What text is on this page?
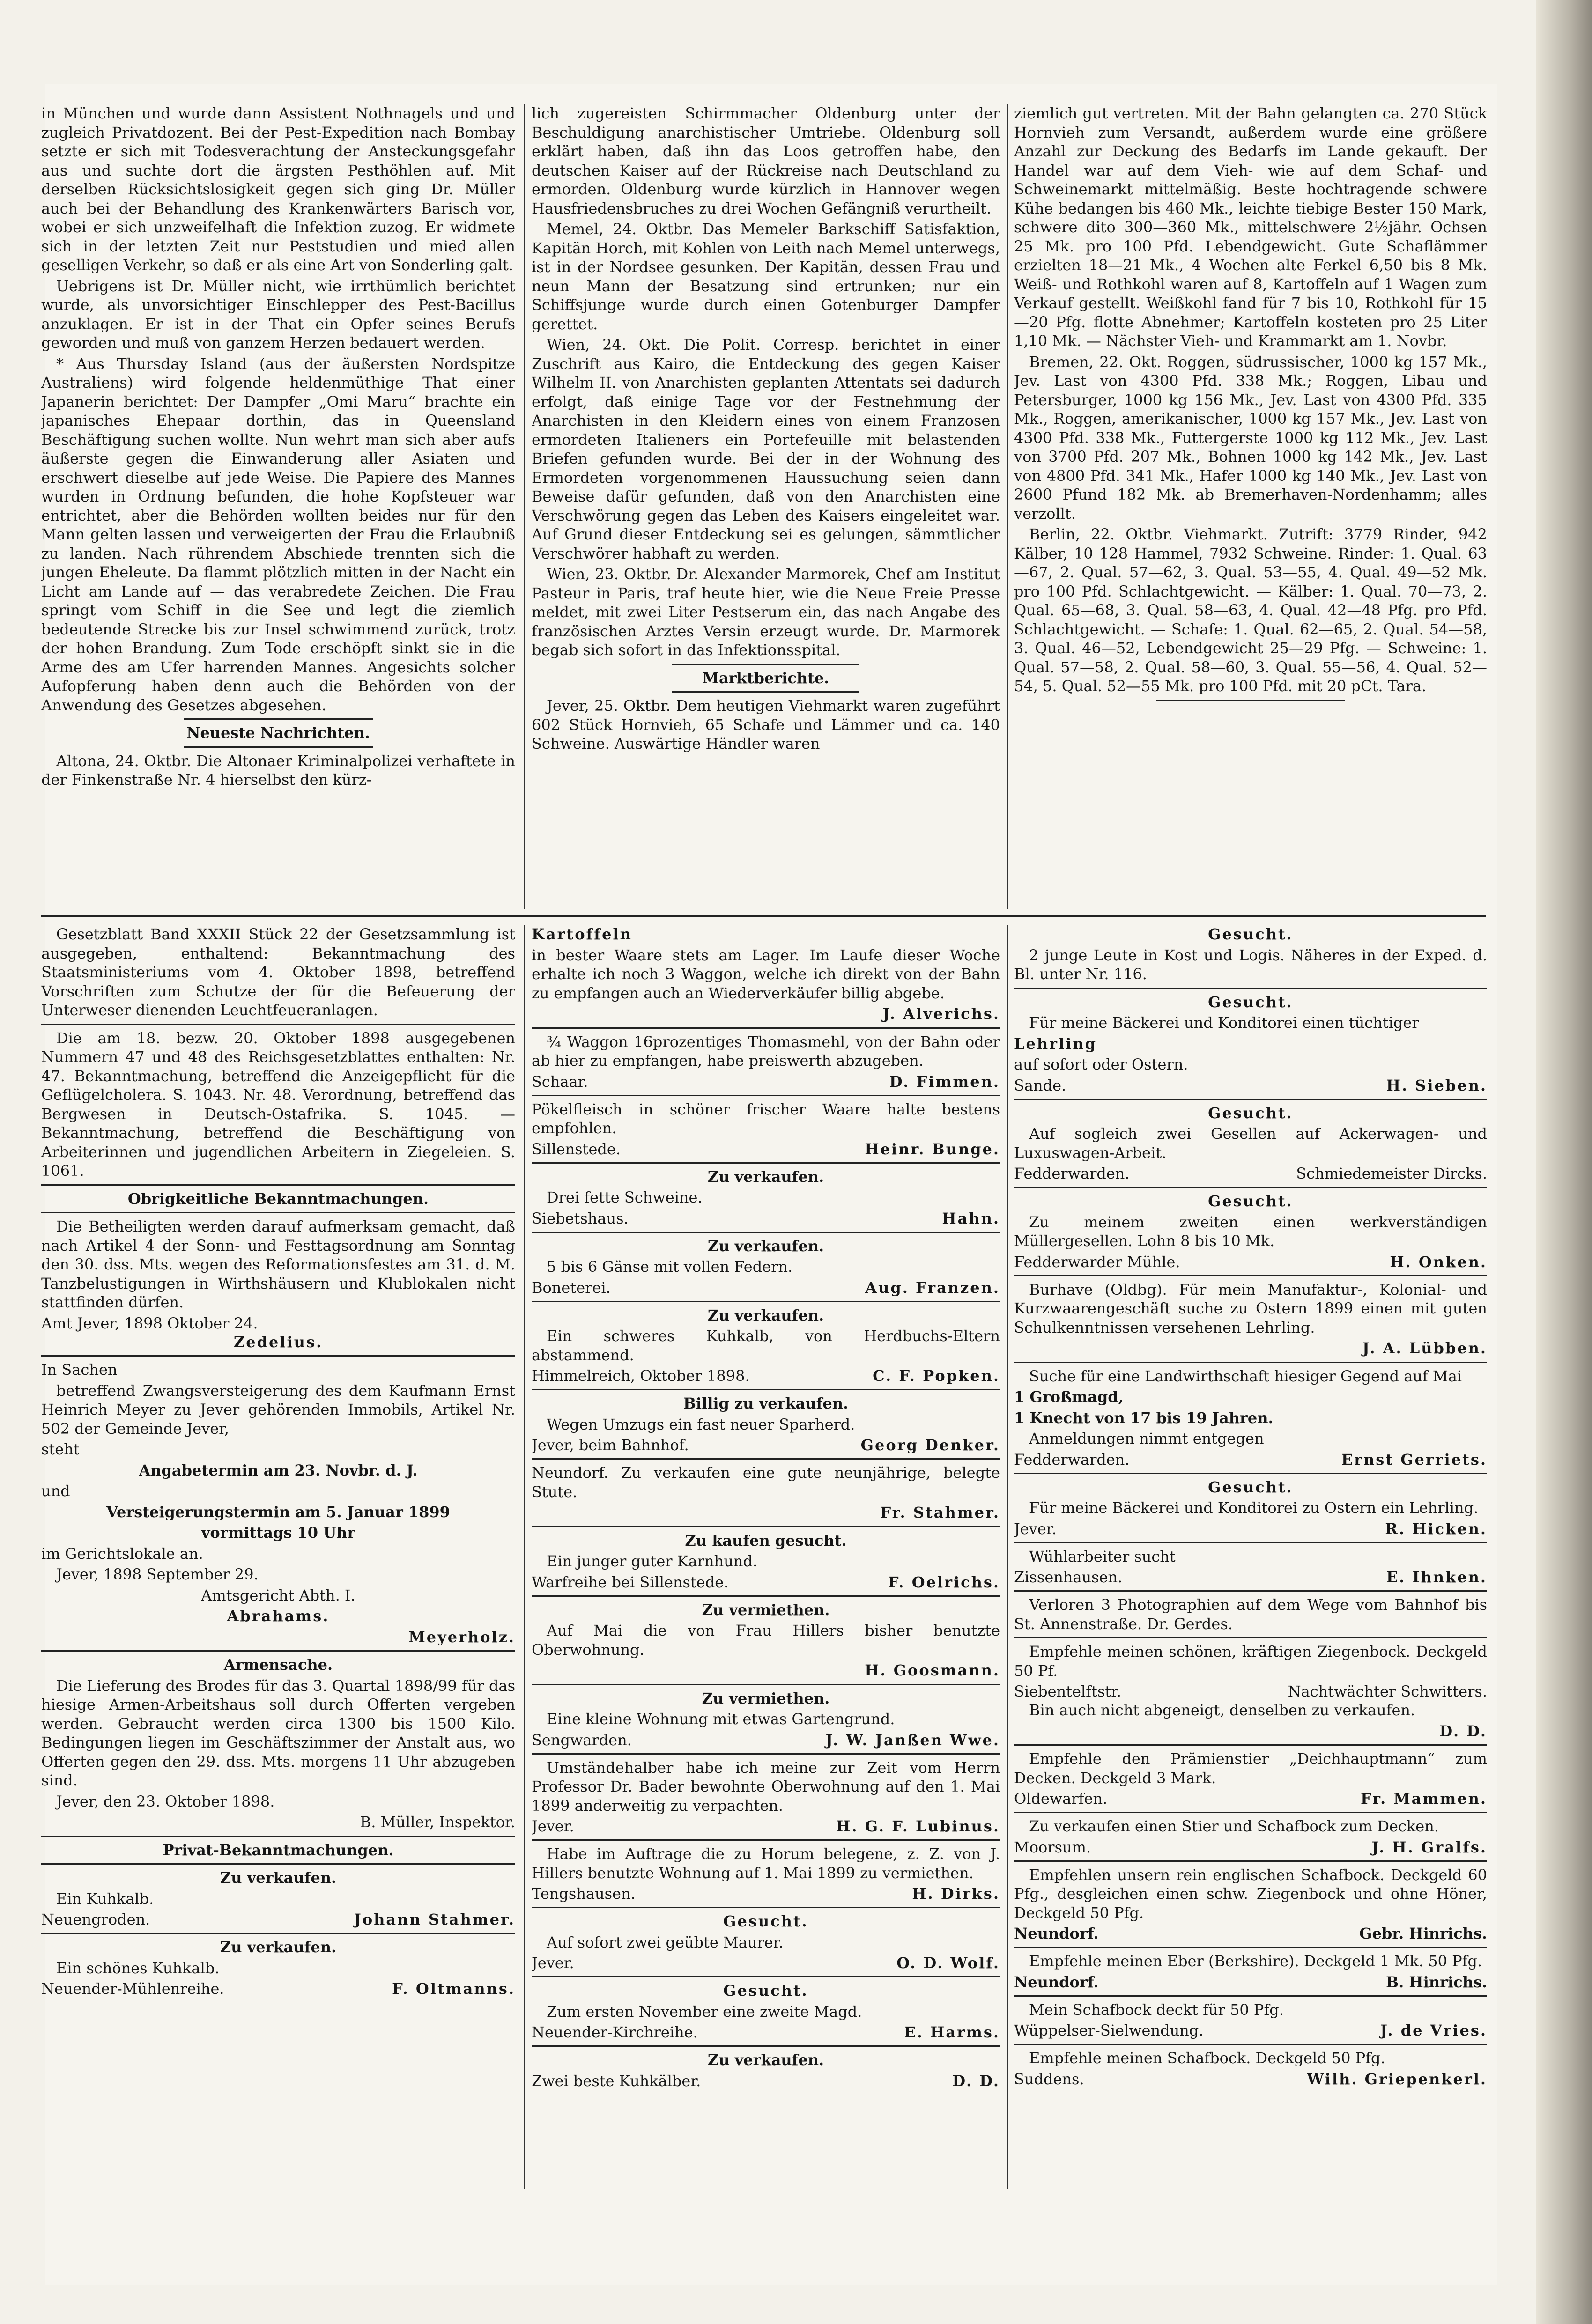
in München und wurde dann Assistent Nothnagels und und zugleich Privatdozent. Bei der Pest-Expedition nach Bombay setzte er sich mit Todesverachtung der Ansteckungsgefahr aus und suchte dort die ärgsten Pesthöhlen auf. Mit derselben Rücksichtslosigkeit gegen sich ging Dr. Müller auch bei der Behandlung des Krankenwärters Barisch vor, wobei er sich unzweifelhaft die Infektion zuzog. Er widmete sich in der letzten Zeit nur Peststudien und mied allen geselligen Verkehr, so daß er als eine Art von Sonderling galt.

Uebrigens ist Dr. Müller nicht, wie irrthümlich berichtet wurde, als unvorsichtiger Einschlepper des Pest-Bacillus anzuklagen. Er ist in der That ein Opfer seines Berufs geworden und muß von ganzem Herzen bedauert werden.

* Aus Thursday Island (aus der äußersten Nordspitze Australiens) wird folgende heldenmüthige That einer Japanerin berichtet: Der Dampfer „Omi Maru“ brachte ein japanisches Ehepaar dorthin, das in Queensland Beschäftigung suchen wollte. Nun wehrt man sich aber aufs äußerste gegen die Einwanderung aller Asiaten und erschwert dieselbe auf jede Weise. Die Papiere des Mannes wurden in Ordnung befunden, die hohe Kopfsteuer war entrichtet, aber die Behörden wollten beides nur für den Mann gelten lassen und verweigerten der Frau die Erlaubniß zu landen. Nach rührendem Abschiede trennten sich die jungen Eheleute. Da flammt plötzlich mitten in der Nacht ein Licht am Lande auf — das verabredete Zeichen. Die Frau springt vom Schiff in die See und legt die ziemlich bedeutende Strecke bis zur Insel schwimmend zurück, trotz der hohen Brandung. Zum Tode erschöpft sinkt sie in die Arme des am Ufer harrenden Mannes. Angesichts solcher Aufopferung haben denn auch die Behörden von der Anwendung des Gesetzes abgesehen.

Neueste Nachrichten.

Altona, 24. Oktbr. Die Altonaer Kriminalpolizei verhaftete in der Finkenstraße Nr. 4 hierselbst den kürz-

lich zugereisten Schirmmacher Oldenburg unter der Beschuldigung anarchistischer Umtriebe. Oldenburg soll erklärt haben, daß ihn das Loos getroffen habe, den deutschen Kaiser auf der Rückreise nach Deutschland zu ermorden. Oldenburg wurde kürzlich in Hannover wegen Hausfriedensbruches zu drei Wochen Gefängniß verurtheilt.

Memel, 24. Oktbr. Das Memeler Barkschiff Satisfaktion, Kapitän Horch, mit Kohlen von Leith nach Memel unterwegs, ist in der Nordsee gesunken. Der Kapitän, dessen Frau und neun Mann der Besatzung sind ertrunken; nur ein Schiffsjunge wurde durch einen Gotenburger Dampfer gerettet.

Wien, 24. Okt. Die Polit. Corresp. berichtet in einer Zuschrift aus Kairo, die Entdeckung des gegen Kaiser Wilhelm II. von Anarchisten geplanten Attentats sei dadurch erfolgt, daß einige Tage vor der Festnehmung der Anarchisten in den Kleidern eines von einem Franzosen ermordeten Italieners ein Portefeuille mit belastenden Briefen gefunden wurde. Bei der in der Wohnung des Ermordeten vorgenommenen Haussuchung seien dann Beweise dafür gefunden, daß von den Anarchisten eine Verschwörung gegen das Leben des Kaisers eingeleitet war. Auf Grund dieser Entdeckung sei es gelungen, sämmtlicher Verschwörer habhaft zu werden.

Wien, 23. Oktbr. Dr. Alexander Marmorek, Chef am Institut Pasteur in Paris, traf heute hier, wie die Neue Freie Presse meldet, mit zwei Liter Pestserum ein, das nach Angabe des französischen Arztes Versin erzeugt wurde. Dr. Marmorek begab sich sofort in das Infektionsspital.

Marktberichte.

Jever, 25. Oktbr. Dem heutigen Viehmarkt waren zugeführt 602 Stück Hornvieh, 65 Schafe und Lämmer und ca. 140 Schweine. Auswärtige Händler waren

ziemlich gut vertreten. Mit der Bahn gelangten ca. 270 Stück Hornvieh zum Versandt, außerdem wurde eine größere Anzahl zur Deckung des Bedarfs im Lande gekauft. Der Handel war auf dem Vieh- wie auf dem Schaf- und Schweinemarkt mittelmäßig. Beste hochtragende schwere Kühe bedangen bis 460 Mk., leichte tiebige Bester 150 Mark, schwere dito 300—360 Mk., mittelschwere 2½jähr. Ochsen 25 Mk. pro 100 Pfd. Lebendgewicht. Gute Schaflämmer erzielten 18—21 Mk., 4 Wochen alte Ferkel 6,50 bis 8 Mk. Weiß- und Rothkohl waren auf 8, Kartoffeln auf 1 Wagen zum Verkauf gestellt. Weißkohl fand für 7 bis 10, Rothkohl für 15—20 Pfg. flotte Abnehmer; Kartoffeln kosteten pro 25 Liter 1,10 Mk. — Nächster Vieh- und Krammarkt am 1. Novbr.

Bremen, 22. Okt. Roggen, südrussischer, 1000 kg 157 Mk., Jev. Last von 4300 Pfd. 338 Mk.; Roggen, Libau und Petersburger, 1000 kg 156 Mk., Jev. Last von 4300 Pfd. 335 Mk., Roggen, amerikanischer, 1000 kg 157 Mk., Jev. Last von 4300 Pfd. 338 Mk., Futtergerste 1000 kg 112 Mk., Jev. Last von 3700 Pfd. 207 Mk., Bohnen 1000 kg 142 Mk., Jev. Last von 4800 Pfd. 341 Mk., Hafer 1000 kg 140 Mk., Jev. Last von 2600 Pfund 182 Mk. ab Bremerhaven-Nordenhamm; alles verzollt.

Berlin, 22. Oktbr. Viehmarkt. Zutrift: 3779 Rinder, 942 Kälber, 10 128 Hammel, 7932 Schweine. Rinder: 1. Qual. 63—67, 2. Qual. 57—62, 3. Qual. 53—55, 4. Qual. 49—52 Mk. pro 100 Pfd. Schlachtgewicht. — Kälber: 1. Qual. 70—73, 2. Qual. 65—68, 3. Qual. 58—63, 4. Qual. 42—48 Pfg. pro Pfd. Schlachtgewicht. — Schafe: 1. Qual. 62—65, 2. Qual. 54—58, 3. Qual. 46—52, Lebendgewicht 25—29 Pfg. — Schweine: 1. Qual. 57—58, 2. Qual. 58—60, 3. Qual. 55—56, 4. Qual. 52—54, 5. Qual. 52—55 Mk. pro 100 Pfd. mit 20 pCt. Tara.

Gesetzblatt Band XXXII Stück 22 der Gesetzsammlung ist ausgegeben, enthaltend: Bekanntmachung des Staatsministeriums vom 4. Oktober 1898, betreffend Vorschriften zum Schutze der für die Befeuerung der Unterweser dienenden Leuchtfeueranlagen.

Die am 18. bezw. 20. Oktober 1898 ausgegebenen Nummern 47 und 48 des Reichsgesetzblattes enthalten: Nr. 47. Bekanntmachung, betreffend die Anzeigepflicht für die Geflügelcholera. S. 1043. Nr. 48. Verordnung, betreffend das Bergwesen in Deutsch-Ostafrika. S. 1045. — Bekanntmachung, betreffend die Beschäftigung von Arbeiterinnen und jugendlichen Arbeitern in Ziegeleien. S. 1061.

Obrigkeitliche Bekanntmachungen.

Die Betheiligten werden darauf aufmerksam gemacht, daß nach Artikel 4 der Sonn- und Festtagsordnung am Sonntag den 30. dss. Mts. wegen des Reformationsfestes am 31. d. M. Tanzbelustigungen in Wirthshäusern und Klublokalen nicht stattfinden dürfen.

Amt Jever, 1898 Oktober 24.

Zedelius.

In Sachen

betreffend Zwangsversteigerung des dem Kaufmann Ernst Heinrich Meyer zu Jever gehörenden Immobils, Artikel Nr. 502 der Gemeinde Jever,

steht

Angabetermin am 23. Novbr. d. J.

und

Versteigerungstermin am 5. Januar 1899

vormittags 10 Uhr

im Gerichtslokale an.

Jever, 1898 September 29.

Amtsgericht Abth. I.

Abrahams.

Meyerholz.

Armensache.

Die Lieferung des Brodes für das 3. Quartal 1898/99 für das hiesige Armen-Arbeitshaus soll durch Offerten vergeben werden. Gebraucht werden circa 1300 bis 1500 Kilo. Bedingungen liegen im Geschäftszimmer der Anstalt aus, wo Offerten gegen den 29. dss. Mts. morgens 11 Uhr abzugeben sind.

Jever, den 23. Oktober 1898.

B. Müller, Inspektor.

Privat-Bekanntmachungen.

Zu verkaufen.

Ein Kuhkalb.

Neuengroden.	Johann Stahmer.

Zu verkaufen.

Ein schönes Kuhkalb.

Neuender-Mühlenreihe.	F. Oltmanns.

Kartoffeln

in bester Waare stets am Lager. Im Laufe dieser Woche erhalte ich noch 3 Waggon, welche ich direkt von der Bahn zu empfangen auch an Wiederverkäufer billig abgebe.

J. Alverichs.

¾ Waggon 16prozentiges Thomasmehl, von der Bahn oder ab hier zu empfangen, habe preiswerth abzugeben.

Schaar.	D. Fimmen.

Pökelfleisch in schöner frischer Waare halte bestens empfohlen.

Sillenstede.	Heinr. Bunge.

Zu verkaufen.

Drei fette Schweine.

Siebetshaus.	Hahn.

Zu verkaufen.

5 bis 6 Gänse mit vollen Federn.

Boneterei.	Aug. Franzen.

Zu verkaufen.

Ein schweres Kuhkalb, von Herdbuchs-Eltern abstammend.

Himmelreich, Oktober 1898.	C. F. Popken.

Billig zu verkaufen.

Wegen Umzugs ein fast neuer Sparherd.

Jever, beim Bahnhof.	Georg Denker.

Neundorf. Zu verkaufen eine gute neunjährige, belegte Stute.

Fr. Stahmer.

Zu kaufen gesucht.

Ein junger guter Karnhund.

Warfreihe bei Sillenstede.	F. Oelrichs.

Zu vermiethen.

Auf Mai die von Frau Hillers bisher benutzte Oberwohnung.

H. Goosmann.

Zu vermiethen.

Eine kleine Wohnung mit etwas Gartengrund.

Sengwarden.	J. W. Janßen Wwe.

Umständehalber habe ich meine zur Zeit vom Herrn Professor Dr. Bader bewohnte Oberwohnung auf den 1. Mai 1899 anderweitig zu verpachten.

Jever.	H. G. F. Lubinus.

Habe im Auftrage die zu Horum belegene, z. Z. von J. Hillers benutzte Wohnung auf 1. Mai 1899 zu vermiethen.

Tengshausen.	H. Dirks.

Gesucht.

Auf sofort zwei geübte Maurer.

Jever.	O. D. Wolf.

Gesucht.

Zum ersten November eine zweite Magd.

Neuender-Kirchreihe.	E. Harms.

Zu verkaufen.

Zwei beste Kuhkälber.	D. D.

Gesucht.

2 junge Leute in Kost und Logis. Näheres in der Exped. d. Bl. unter Nr. 116.

Gesucht.

Für meine Bäckerei und Konditorei einen tüchtiger

Lehrling

auf sofort oder Ostern.

Sande.	H. Sieben.

Gesucht.

Auf sogleich zwei Gesellen auf Ackerwagen- und Luxuswagen-Arbeit.

Fedderwarden.	Schmiedemeister Dircks.

Gesucht.

Zu meinem zweiten einen werkverständigen Müllergesellen. Lohn 8 bis 10 Mk.

Fedderwarder Mühle.	H. Onken.

Burhave (Oldbg). Für mein Manufaktur-, Kolonial- und Kurzwaarengeschäft suche zu Ostern 1899 einen mit guten Schulkenntnissen versehenen Lehrling.

J. A. Lübben.

Suche für eine Landwirthschaft hiesiger Gegend auf Mai

1 Großmagd,

1 Knecht von 17 bis 19 Jahren.

Anmeldungen nimmt entgegen

Fedderwarden.	Ernst Gerriets.

Gesucht.

Für meine Bäckerei und Konditorei zu Ostern ein Lehrling.

Jever.	R. Hicken.

Wühlarbeiter sucht

Zissenhausen.	E. Ihnken.

Verloren 3 Photographien auf dem Wege vom Bahnhof bis St. Annenstraße. Dr. Gerdes.

Empfehle meinen schönen, kräftigen Ziegenbock. Deckgeld 50 Pf.

Siebentelftstr.	Nachtwächter Schwitters.

Bin auch nicht abgeneigt, denselben zu verkaufen.

D. D.

Empfehle den Prämienstier „Deichhauptmann“ zum Decken. Deckgeld 3 Mark.

Oldewarfen.	Fr. Mammen.

Zu verkaufen einen Stier und Schafbock zum Decken.

Moorsum.	J. H. Gralfs.

Empfehlen unsern rein englischen Schafbock. Deckgeld 60 Pfg., desgleichen einen schw. Ziegenbock und ohne Höner, Deckgeld 50 Pfg.

Neundorf.	Gebr. Hinrichs.

Empfehle meinen Eber (Berkshire). Deckgeld 1 Mk. 50 Pfg.

Neundorf.	B. Hinrichs.

Mein Schafbock deckt für 50 Pfg.

Wüppelser-Sielwendung.	J. de Vries.

Empfehle meinen Schafbock. Deckgeld 50 Pfg.

Suddens.	Wilh. Griepenkerl.
